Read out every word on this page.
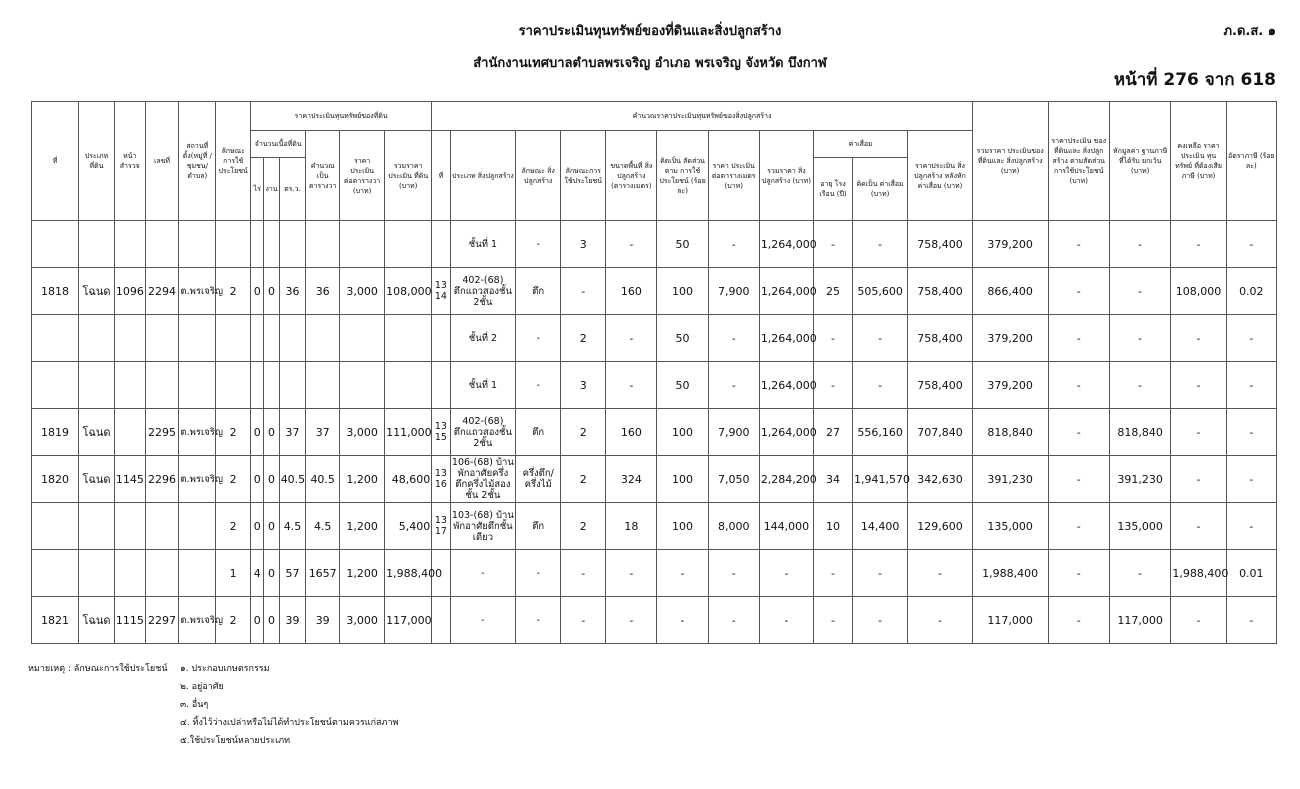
ราคาประเมินทุนทรัพย์ของที่ดินและสิ่งปลูกสร้าง
สำนักงานเทศบาลตำบลพรเจริญ อำเภอ พรเจริญ จังหวัด บึงกาฬ
ภ.ด.ส. ๑
หน้าที่ 276 จาก 618
ที่	ประเภท ที่ดิน	หน้า สำรวจ	เลขที่	สถานที่ ตั้ง(หมู่ที่ /ชุมชน/ ตำบล)	ลักษณะ การใช้ ประโยชน์	ราคาประเมินทุนทรัพย์ของที่ดิน						คำนวณราคาประเมินทุนทรัพย์ของสิ่งปลูกสร้าง											รวมราคา ประเมินของ ที่ดินและ สิ่งปลูกสร้าง (บาท)	ราคาประเมิน ของที่ดินและ สิ่งปลูกสร้าง ตามสัดส่วน การใช้ประโยชน์ (บาท)	หักมูลค่า ฐานภาษี ที่ได้รับ ยกเว้น (บาท)	คงเหลือ ราคาประเมิน ทุนทรัพย์ ที่ต้องเสียภาษี (บาท)	อัตราภาษี (ร้อยละ)
						จำนวนเนื้อที่ดิน			คำนวณ เป็น ตารางวา	ราคา ประเมิน ต่อตารางวา (บาท)	รวมราคา ประเมิน ที่ดิน (บาท)	ที่	ประเภท สิ่งปลูกสร้าง	ลักษณะ สิ่งปลูกสร้าง	ลักษณะการ ใช้ประโยชน์	ขนาดพื้นที่ สิ่งปลูกสร้าง (ตารางเมตร)	คิดเป็น สัดส่วนตาม การใช้ ประโยชน์ (ร้อยละ)	ราคา ประเมิน ต่อตารางเมตร (บาท)	รวมราคา สิ่งปลูกสร้าง (บาท)	ค่าเสื่อม		ราคาประเมิน สิ่งปลูกสร้าง หลังหัก ค่าเสื่อม (บาท)					
						ไร่	งาน	ตร.ว.												อายุ โรงเรือน (ปี)	คิดเป็น ค่าเสื่อม (บาท)						
													ชั้นที่ 1	-	3	-	50	-	1,264,000	-	-	758,400	379,200	-	-	-	-
1818	โฉนด	1096	2294	ต.พรเจริญ	2	0	0	36	36	3,000	108,000	13 14	402-(68) ตึกแถวสองชั้น 2ชั้น	ตึก	-	160	100	7,900	1,264,000	25	505,600	758,400	866,400	-	-	108,000	0.02
													ชั้นที่ 2	-	2	-	50	-	1,264,000	-	-	758,400	379,200	-	-	-	-
													ชั้นที่ 1	-	3	-	50	-	1,264,000	-	-	758,400	379,200	-	-	-	-
1819	โฉนด		2295	ต.พรเจริญ	2	0	0	37	37	3,000	111,000	13 15	402-(68) ตึกแถวสองชั้น 2ชั้น	ตึก	2	160	100	7,900	1,264,000	27	556,160	707,840	818,840	-	818,840	-	-
1820	โฉนด	1145	2296	ต.พรเจริญ	2	0	0	40.5	40.5	1,200	48,600	13 16	106-(68) บ้านพักอาศัยครึ่งตึกครึ่งไม้สองชั้น 2ชั้น	ครึ่งตึก/ครึ่งไม้	2	324	100	7,050	2,284,200	34	1,941,570	342,630	391,230	-	391,230	-	-
					2	0	0	4.5	4.5	1,200	5,400	13 17	103-(68) บ้านพักอาศัยตึกชั้นเดียว	ตึก	2	18	100	8,000	144,000	10	14,400	129,600	135,000	-	135,000	-	-
					1	4	0	57	1657	1,200	1,988,400		-	-	-	-	-	-	-	-	-	-	1,988,400	-	-	1,988,400	0.01
1821	โฉนด	1115	2297	ต.พรเจริญ	2	0	0	39	39	3,000	117,000		-	-	-	-	-	-	-	-	-	-	117,000	-	117,000	-	-
หมายเหตุ : ลักษณะการใช้ประโยชน์ ๑. ประกอบเกษตรกรรม
๒. อยู่อาศัย
๓. อื่นๆ
๔. ทิ้งไว้ว่างเปล่าหรือไม่ได้ทำประโยชน์ตามควรแก่สภาพ
๕.ใช้ประโยชน์หลายประเภท
